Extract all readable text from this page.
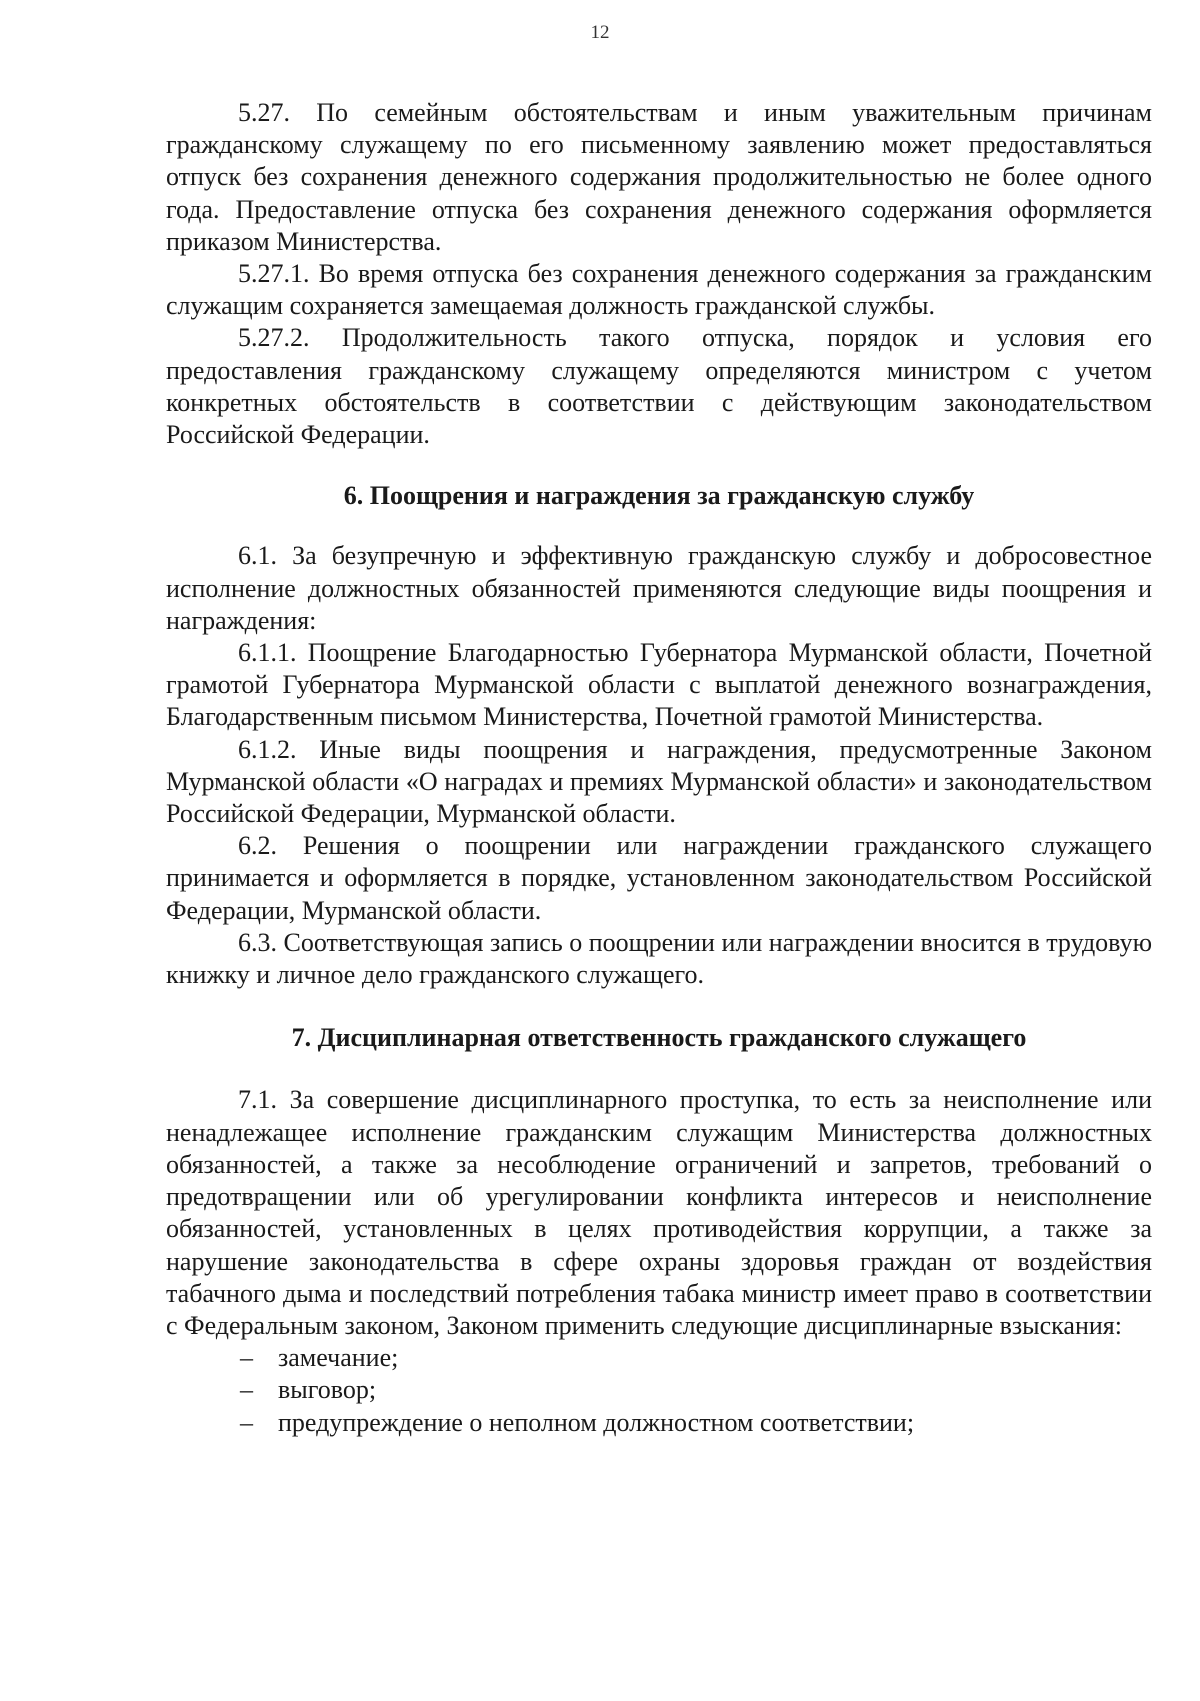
12

5.27. По семейным обстоятельствам и иным уважительным причинам гражданскому служащему по его письменному заявлению может предоставляться отпуск без сохранения денежного содержания продолжительностью не более одного года. Предоставление отпуска без сохранения денежного содержания оформляется приказом Министерства.

5.27.1. Во время отпуска без сохранения денежного содержания за гражданским служащим сохраняется замещаемая должность гражданской службы.

5.27.2. Продолжительность такого отпуска, порядок и условия его предоставления гражданскому служащему определяются министром с учетом конкретных обстоятельств в соответствии с действующим законодательством Российской Федерации.

6. Поощрения и награждения за гражданскую службу

6.1. За безупречную и эффективную гражданскую службу и добросовестное исполнение должностных обязанностей применяются следующие виды поощрения и награждения:

6.1.1. Поощрение Благодарностью Губернатора Мурманской области, Почетной грамотой Губернатора Мурманской области с выплатой денежного вознаграждения, Благодарственным письмом Министерства, Почетной грамотой Министерства.

6.1.2. Иные виды поощрения и награждения, предусмотренные Законом Мурманской области «О наградах и премиях Мурманской области» и законодательством Российской Федерации, Мурманской области.

6.2. Решения о поощрении или награждении гражданского служащего принимается и оформляется в порядке, установленном законодательством Российской Федерации, Мурманской области.

6.3. Соответствующая запись о поощрении или награждении вносится в трудовую книжку и личное дело гражданского служащего.

7. Дисциплинарная ответственность гражданского служащего

7.1. За совершение дисциплинарного проступка, то есть за неисполнение или ненадлежащее исполнение гражданским служащим Министерства должностных обязанностей, а также за несоблюдение ограничений и запретов, требований о предотвращении или об урегулировании конфликта интересов и неисполнение обязанностей, установленных в целях противодействия коррупции, а также за нарушение законодательства в сфере охраны здоровья граждан от воздействия табачного дыма и последствий потребления табака министр имеет право в соответствии с Федеральным законом, Законом применить следующие дисциплинарные взыскания:

– замечание;
– выговор;
– предупреждение о неполном должностном соответствии;
